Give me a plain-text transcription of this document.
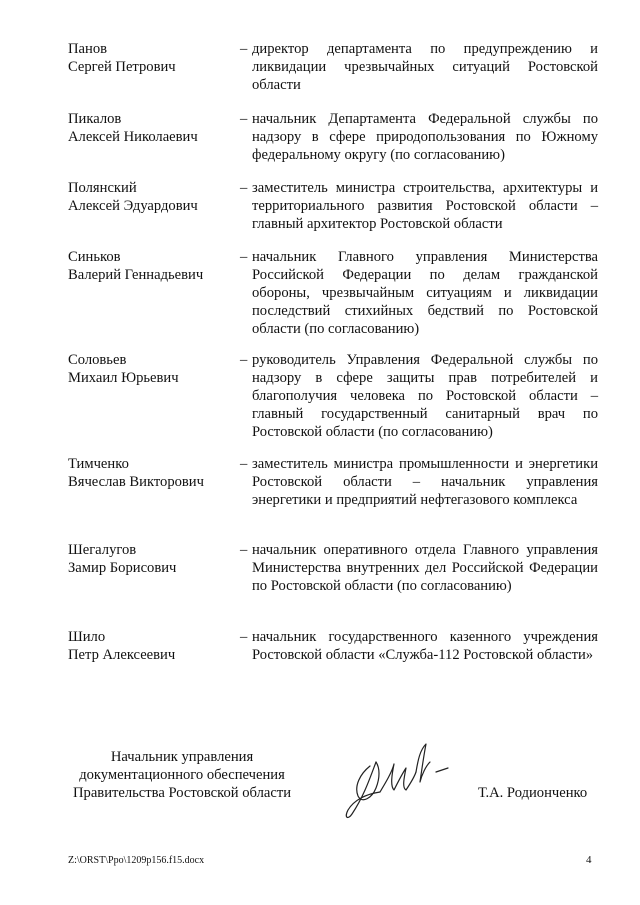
Панов
Сергей Петрович
– директор департамента по предупреждению и ликвидации чрезвычайных ситуаций Ростовской области
Пикалов
Алексей Николаевич
– начальник Департамента Федеральной службы по надзору в сфере природопользования по Южному федеральному округу (по согласованию)
Полянский
Алексей Эдуардович
– заместитель министра строительства, архитектуры и территориального развития Ростовской области – главный архитектор Ростовской области
Синьков
Валерий Геннадьевич
– начальник Главного управления Министерства Российской Федерации по делам гражданской обороны, чрезвычайным ситуациям и ликвидации последствий стихийных бедствий по Ростовской области (по согласованию)
Соловьев
Михаил Юрьевич
– руководитель Управления Федеральной службы по надзору в сфере защиты прав потребителей и благополучия человека по Ростовской области – главный государственный санитарный врач по Ростовской области (по согласованию)
Тимченко
Вячеслав Викторович
– заместитель министра промышленности и энергетики Ростовской области – начальник управления энергетики и предприятий нефтегазового комплекса
Шегалугов
Замир Борисович
– начальник оперативного отдела Главного управления Министерства внутренних дел Российской Федерации по Ростовской области (по согласованию)
Шило
Петр Алексеевич
– начальник государственного казенного учреждения Ростовской области «Служба-112 Ростовской области»
Начальник управления
документационного обеспечения
Правительства Ростовской области	Т.А. Родионченко
Z:\ORST\Ppo\1209p156.f15.docx	4
